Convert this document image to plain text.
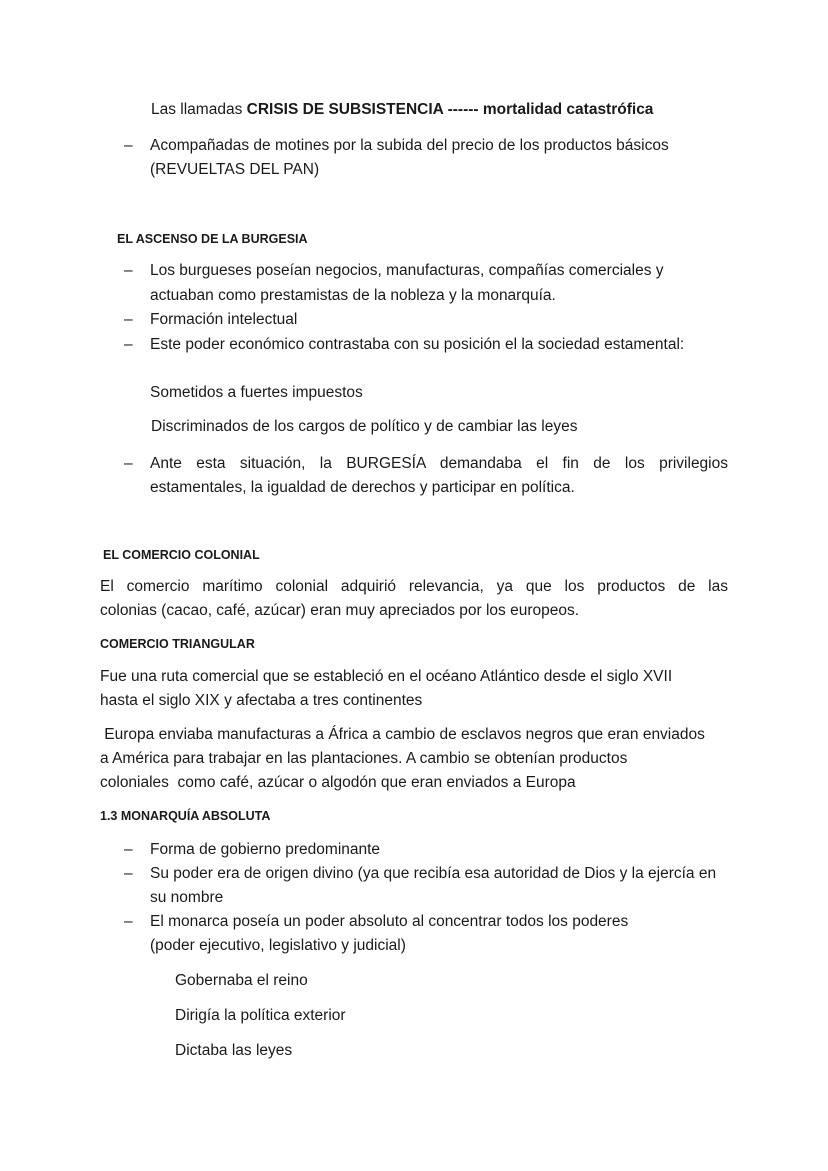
Las llamadas CRISIS DE SUBSISTENCIA ------ mortalidad catastrófica
– Acompañadas de motines por la subida del precio de los productos básicos
(REVUELTAS DEL PAN)
EL ASCENSO DE LA BURGESIA
– Los burgueses poseían negocios, manufacturas, compañías comerciales y
actuaban como prestamistas de la nobleza y la monarquía.
– Formación intelectual
– Este poder económico contrastaba con su posición el la sociedad estamental:
Sometidos a fuertes impuestos
Discriminados de los cargos de político y de cambiar las leyes
– Ante esta situación, la BURGESÍA demandaba el fin de los privilegios
estamentales, la igualdad de derechos y participar en política.
EL COMERCIO COLONIAL
El comercio marítimo colonial adquirió relevancia, ya que los productos de las
colonias (cacao, café, azúcar) eran muy apreciados por los europeos.
COMERCIO TRIANGULAR
Fue una ruta comercial que se estableció en el océano Atlántico desde el siglo XVII
hasta el siglo XIX y afectaba a tres continentes
Europa enviaba manufacturas a África a cambio de esclavos negros que eran enviados
a América para trabajar en las plantaciones. A cambio se obtenían productos
coloniales  como café, azúcar o algodón que eran enviados a Europa
1.3 MONARQUÍA ABSOLUTA
– Forma de gobierno predominante
– Su poder era de origen divino (ya que recibía esa autoridad de Dios y la ejercía en
su nombre
– El monarca poseía un poder absoluto al concentrar todos los poderes
(poder ejecutivo, legislativo y judicial)
Gobernaba el reino
Dirigía la política exterior
Dictaba las leyes
